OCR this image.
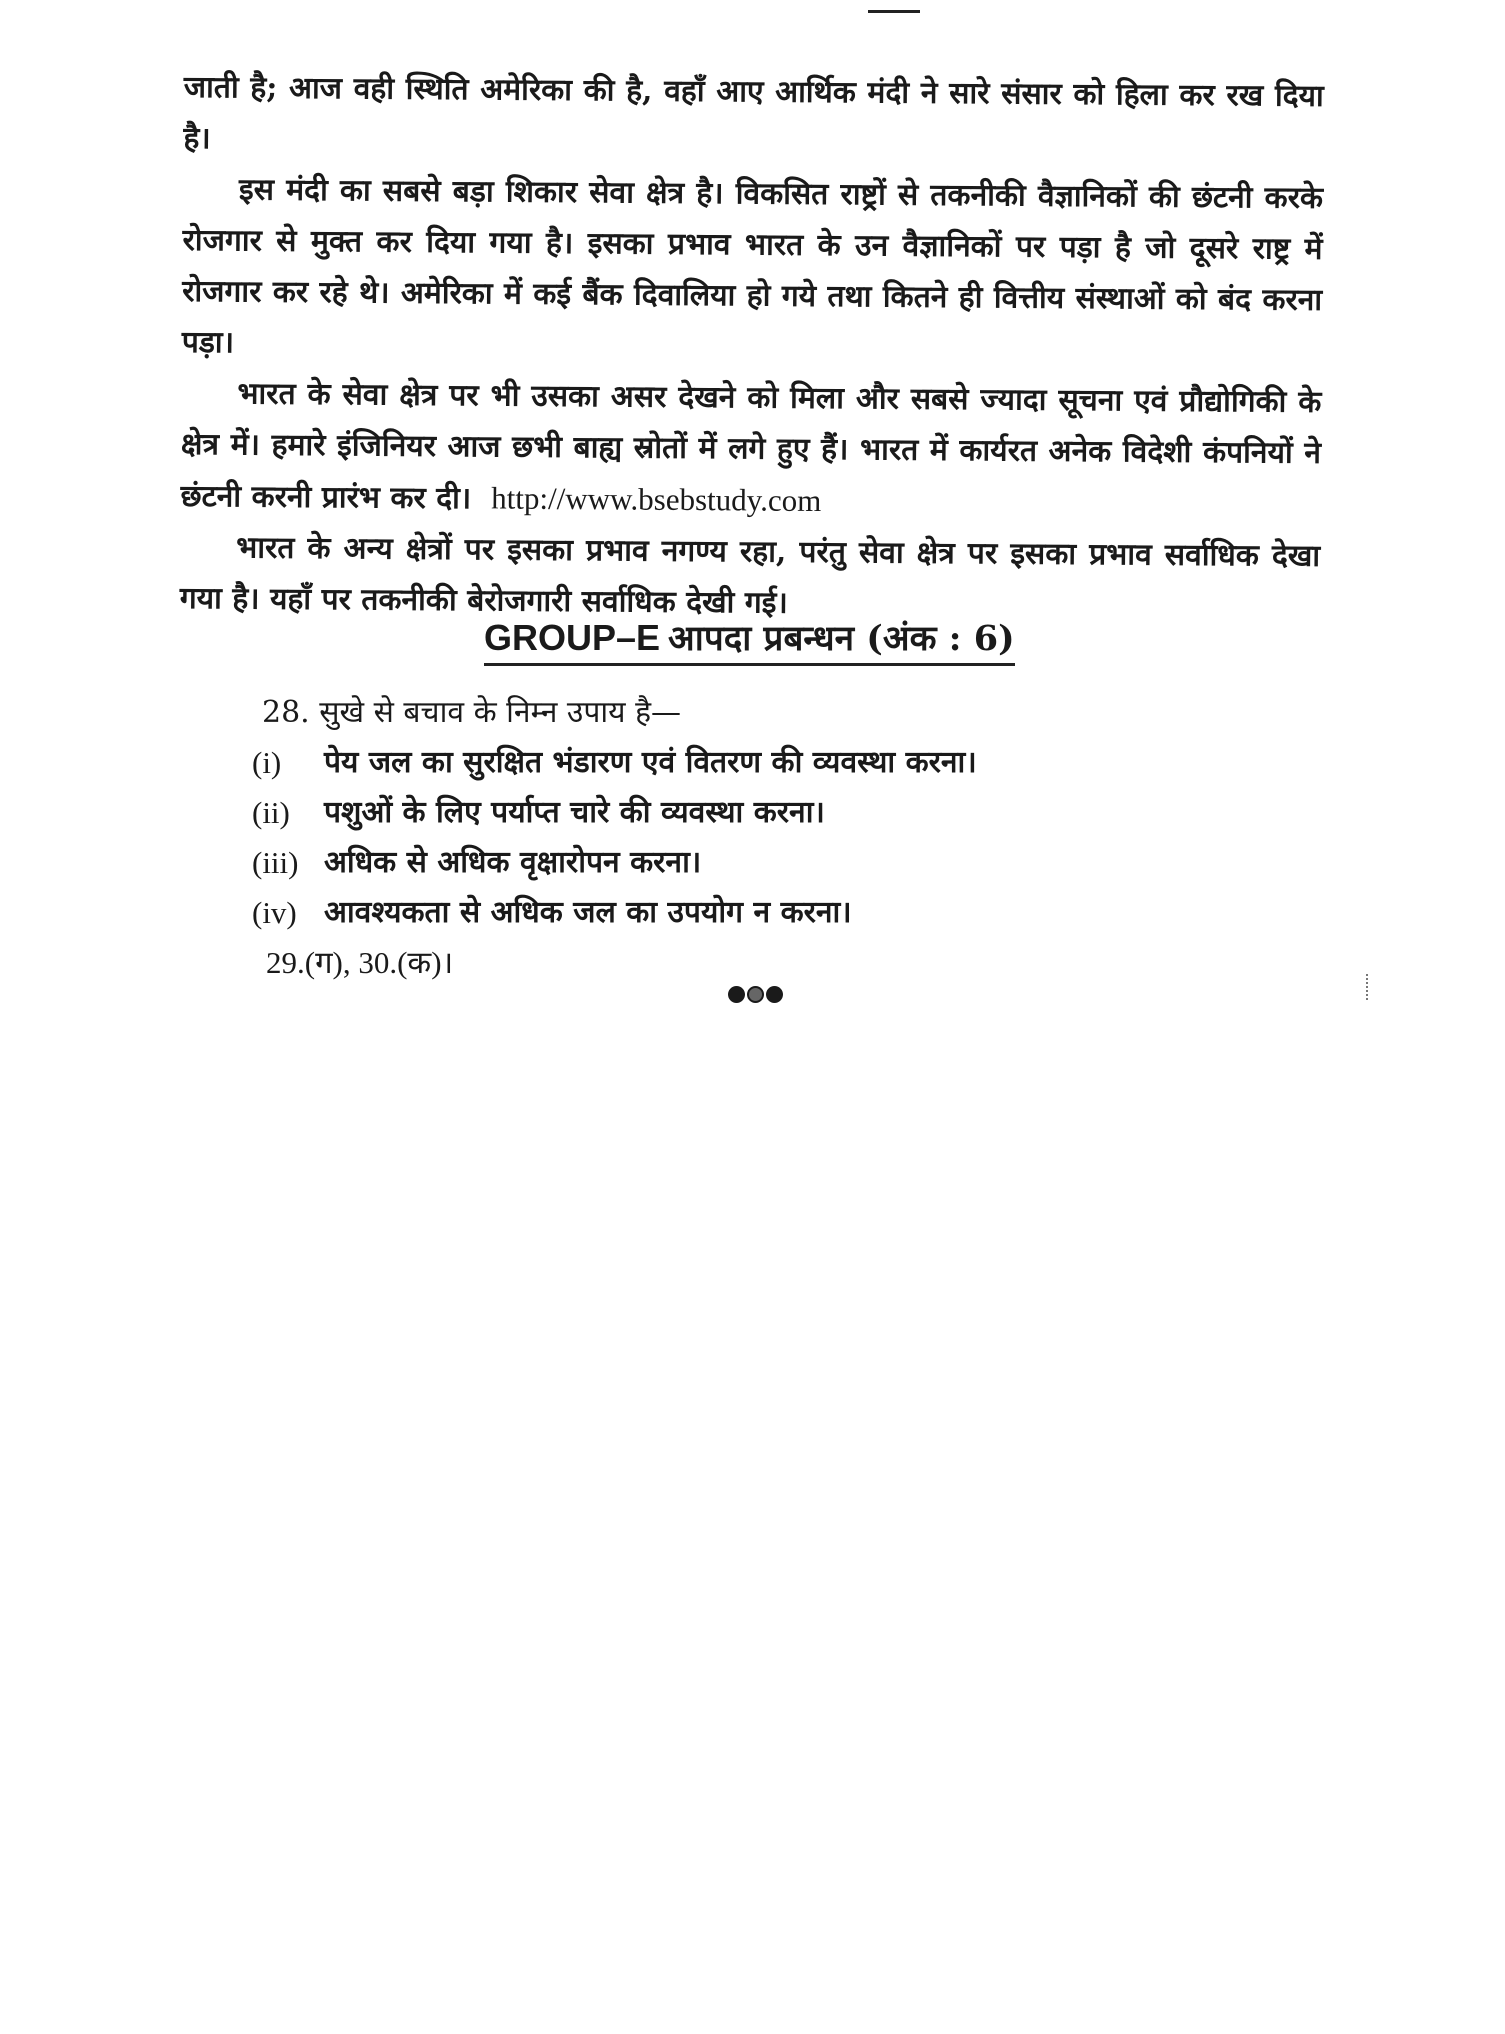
जाती है; आज वही स्थिति अमेरिका की है, वहाँ आए आर्थिक मंदी ने सारे संसार को हिला कर रख दिया है।

इस मंदी का सबसे बड़ा शिकार सेवा क्षेत्र है। विकसित राष्ट्रों से तकनीकी वैज्ञानिकों की छंटनी करके रोजगार से मुक्त कर दिया गया है। इसका प्रभाव भारत के उन वैज्ञानिकों पर पड़ा है जो दूसरे राष्ट्र में रोजगार कर रहे थे। अमेरिका में कई बैंक दिवालिया हो गये तथा कितने ही वित्तीय संस्थाओं को बंद करना पड़ा।

भारत के सेवा क्षेत्र पर भी उसका असर देखने को मिला और सबसे ज्यादा सूचना एवं प्रौद्योगिकी के क्षेत्र में। हमारे इंजिनियर आज छभी बाह्य स्रोतों में लगे हुए हैं। भारत में कार्यरत अनेक विदेशी कंपनियों ने छंटनी करनी प्रारंभ कर दी। http://www.bsebstudy.com

भारत के अन्य क्षेत्रों पर इसका प्रभाव नगण्य रहा, परंतु सेवा क्षेत्र पर इसका प्रभाव सर्वाधिक देखा गया है। यहाँ पर तकनीकी बेरोजगारी सर्वाधिक देखी गई।

GROUP–E आपदा प्रबन्धन (अंक : 6)
28. सुखे से बचाव के निम्न उपाय है—
(i)	पेय जल का सुरक्षित भंडारण एवं वितरण की व्यवस्था करना।
(ii)	पशुओं के लिए पर्याप्त चारे की व्यवस्था करना।
(iii) अधिक से अधिक वृक्षारोपन करना।
(iv) आवश्यकता से अधिक जल का उपयोग न करना।
29.(ग), 30.(क)।
